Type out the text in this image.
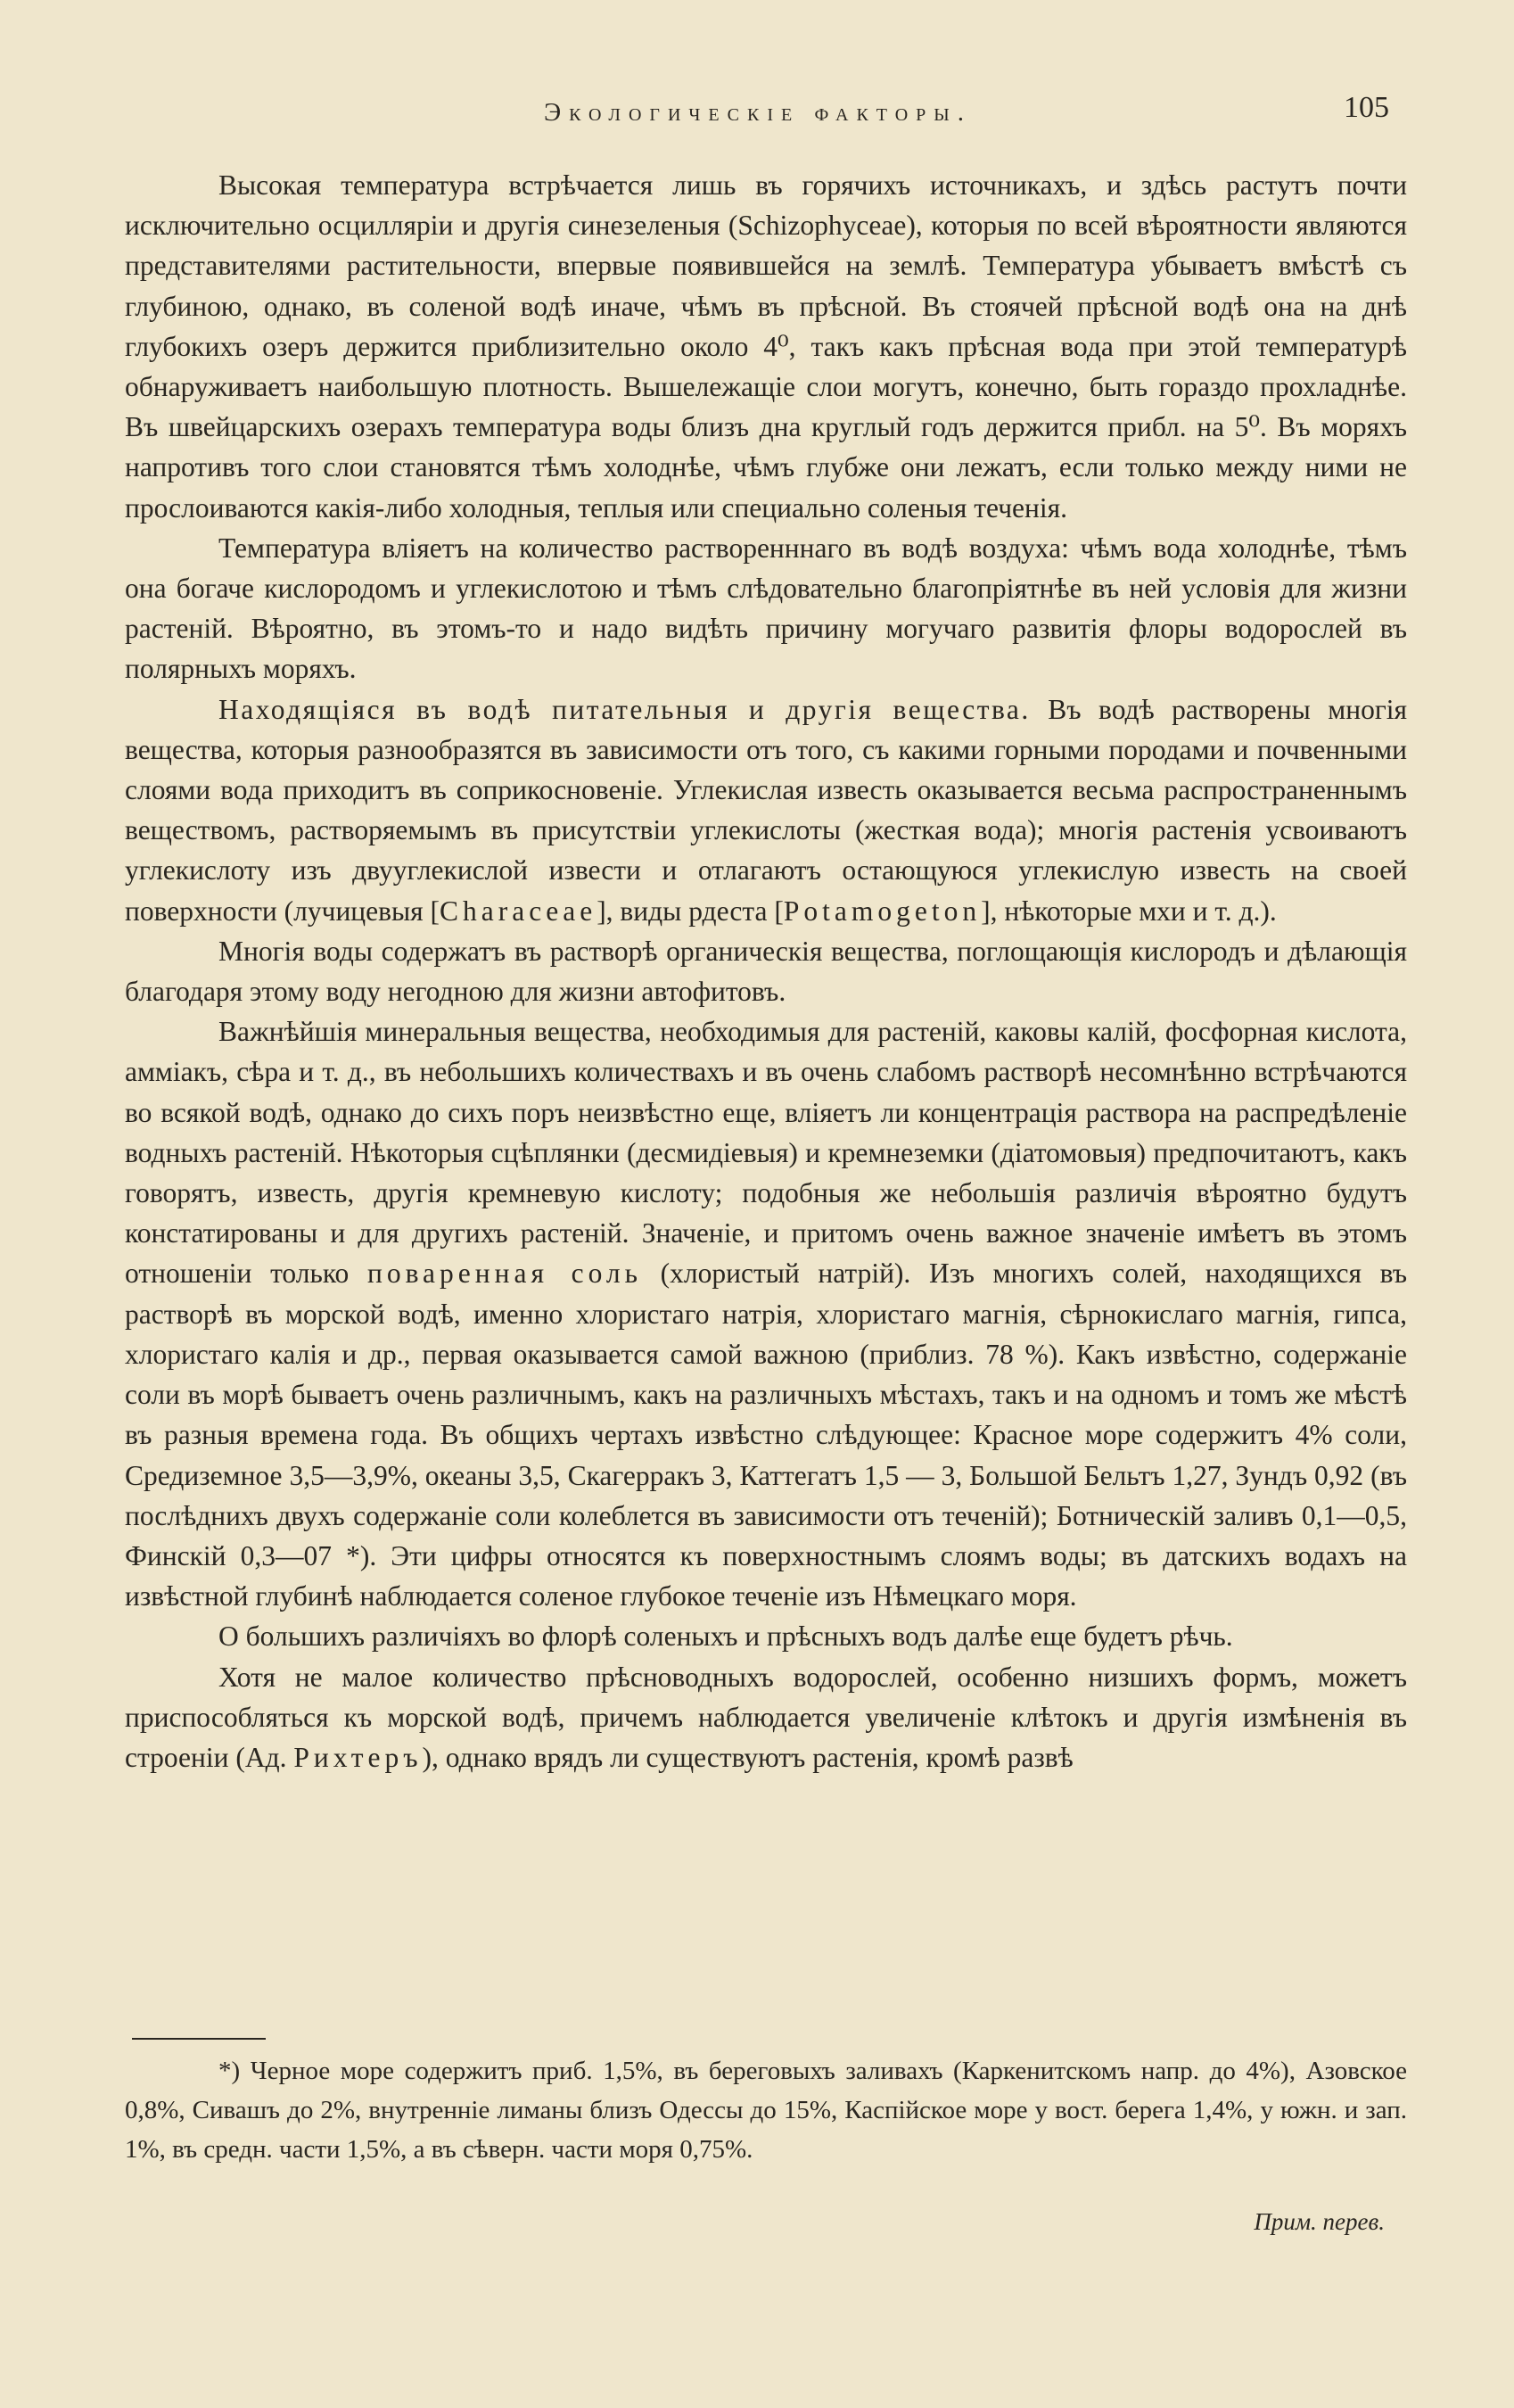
Экологическіе факторы.	105

Высокая температура встрѣчается лишь въ горячихъ источникахъ, и здѣсь растутъ почти исключительно осцилляріи и другія синезеленыя (Schizophyceae), которыя по всей вѣроятности являются представителями растительности, впервые появившейся на землѣ. Температура убываетъ вмѣстѣ съ глубиною, однако, въ соленой водѣ иначе, чѣмъ въ прѣсной. Въ стоячей прѣсной водѣ она на днѣ глубокихъ озеръ держится приблизительно около 4⁰, такъ какъ прѣсная вода при этой температурѣ обнаруживаетъ наибольшую плотность. Вышележащіе слои могутъ, конечно, быть гораздо прохладнѣе. Въ швейцарскихъ озерахъ температура воды близъ дна круглый годъ держится прибл. на 5⁰. Въ моряхъ напротивъ того слои становятся тѣмъ холоднѣе, чѣмъ глубже они лежатъ, если только между ними не прослоиваются какія-либо холодныя, теплыя или специально соленыя теченія.

Температура вліяетъ на количество растворенннаго въ водѣ воздуха: чѣмъ вода холоднѣе, тѣмъ она богаче кислородомъ и углекислотою и тѣмъ слѣдовательно благопріятнѣе въ ней условія для жизни растеній. Вѣроятно, въ этомъ-то и надо видѣть причину могучаго развитія флоры водорослей въ полярныхъ моряхъ.

Находящіяся въ водѣ питательныя и другія вещества. Въ водѣ растворены многія вещества, которыя разнообразятся въ зависимости отъ того, съ какими горными породами и почвенными слоями вода приходитъ въ соприкосновеніе. Углекислая известь оказывается весьма распространеннымъ веществомъ, растворяемымъ въ присутствіи углекислоты (жесткая вода); многія растенія усвоиваютъ углекислоту изъ двууглекислой извести и отлагаютъ остающуюся углекислую известь на своей поверхности (лучицевыя [Characeae], виды рдеста [Potamogeton], нѣкоторые мхи и т. д.).

Многія воды содержатъ въ растворѣ органическія вещества, поглощающія кислородъ и дѣлающія благодаря этому воду негодною для жизни автофитовъ.

Важнѣйшія минеральныя вещества, необходимыя для растеній, каковы калій, фосфорная кислота, амміакъ, сѣра и т. д., въ небольшихъ количествахъ и въ очень слабомъ растворѣ несомнѣнно встрѣчаются во всякой водѣ, однако до сихъ поръ неизвѣстно еще, вліяетъ ли концентрація раствора на распредѣленіе водныхъ растеній. Нѣкоторыя сцѣплянки (десмидіевыя) и кремнеземки (діатомовыя) предпочитаютъ, какъ говорятъ, известь, другія кремневую кислоту; подобныя же небольшія различія вѣроятно будутъ констатированы и для другихъ растеній. Значеніе, и притомъ очень важное значеніе имѣетъ въ этомъ отношеніи только поваренная соль (хлористый натрій). Изъ многихъ солей, находящихся въ растворѣ въ морской водѣ, именно хлористаго натрія, хлористаго магнія, сѣрнокислаго магнія, гипса, хлористаго калія и др., первая оказывается самой важною (приблиз. 78 %). Какъ извѣстно, содержаніе соли въ морѣ бываетъ очень различнымъ, какъ на различныхъ мѣстахъ, такъ и на одномъ и томъ же мѣстѣ въ разныя времена года. Въ общихъ чертахъ извѣстно слѣдующее: Красное море содержитъ 4% соли, Средиземное 3,5—3,9%, океаны 3,5, Скагерракъ 3, Каттегатъ 1,5 — 3, Большой Бельтъ 1,27, Зундъ 0,92 (въ послѣднихъ двухъ содержаніе соли колеблется въ зависимости отъ теченій); Ботническій заливъ 0,1—0,5, Финскій 0,3—07 *). Эти цифры относятся къ поверхностнымъ слоямъ воды; въ датскихъ водахъ на извѣстной глубинѣ наблюдается соленое глубокое теченіе изъ Нѣмецкаго моря.

О большихъ различіяхъ во флорѣ соленыхъ и прѣсныхъ водъ далѣе еще будетъ рѣчь.

Хотя не малое количество прѣсноводныхъ водорослей, особенно низшихъ формъ, можетъ приспособляться къ морской водѣ, причемъ наблюдается увеличеніе клѣтокъ и другія измѣненія въ строеніи (Ад. Рихтеръ), однако врядъ ли существуютъ растенія, кромѣ развѣ

*) Черное море содержитъ приб. 1,5%, въ береговыхъ заливахъ (Каркенитскомъ напр. до 4%), Азовское 0,8%, Сивашъ до 2%, внутренніе лиманы близъ Одессы до 15%, Каспійское море у вост. берега 1,4%, у южн. и зап. 1%, въ средн. части 1,5%, а въ сѣверн. части моря 0,75%.

Прим. перев.
